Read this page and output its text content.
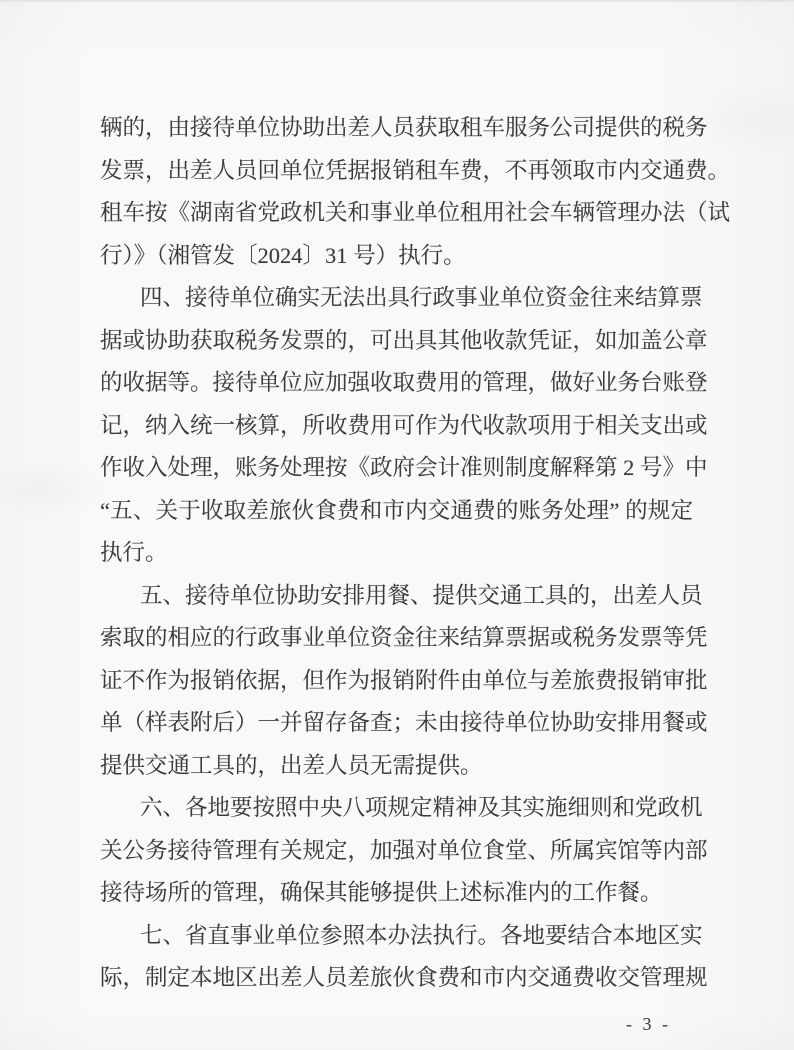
辆的，由接待单位协助出差人员获取租车服务公司提供的税务
发票，出差人员回单位凭据报销租车费，不再领取市内交通费。
租车按《湖南省党政机关和事业单位租用社会车辆管理办法（试
行）》（湘管发〔2024〕31 号）执行。
四、接待单位确实无法出具行政事业单位资金往来结算票
据或协助获取税务发票的，可出具其他收款凭证，如加盖公章
的收据等。接待单位应加强收取费用的管理，做好业务台账登
记，纳入统一核算，所收费用可作为代收款项用于相关支出或
作收入处理，账务处理按《政府会计准则制度解释第 2 号》中
“五、关于收取差旅伙食费和市内交通费的账务处理” 的规定
执行。
五、接待单位协助安排用餐、提供交通工具的，出差人员
索取的相应的行政事业单位资金往来结算票据或税务发票等凭
证不作为报销依据，但作为报销附件由单位与差旅费报销审批
单（样表附后）一并留存备查；未由接待单位协助安排用餐或
提供交通工具的，出差人员无需提供。
六、各地要按照中央八项规定精神及其实施细则和党政机
关公务接待管理有关规定，加强对单位食堂、所属宾馆等内部
接待场所的管理，确保其能够提供上述标准内的工作餐。
七、省直事业单位参照本办法执行。各地要结合本地区实
际，制定本地区出差人员差旅伙食费和市内交通费收交管理规
- 3 -
